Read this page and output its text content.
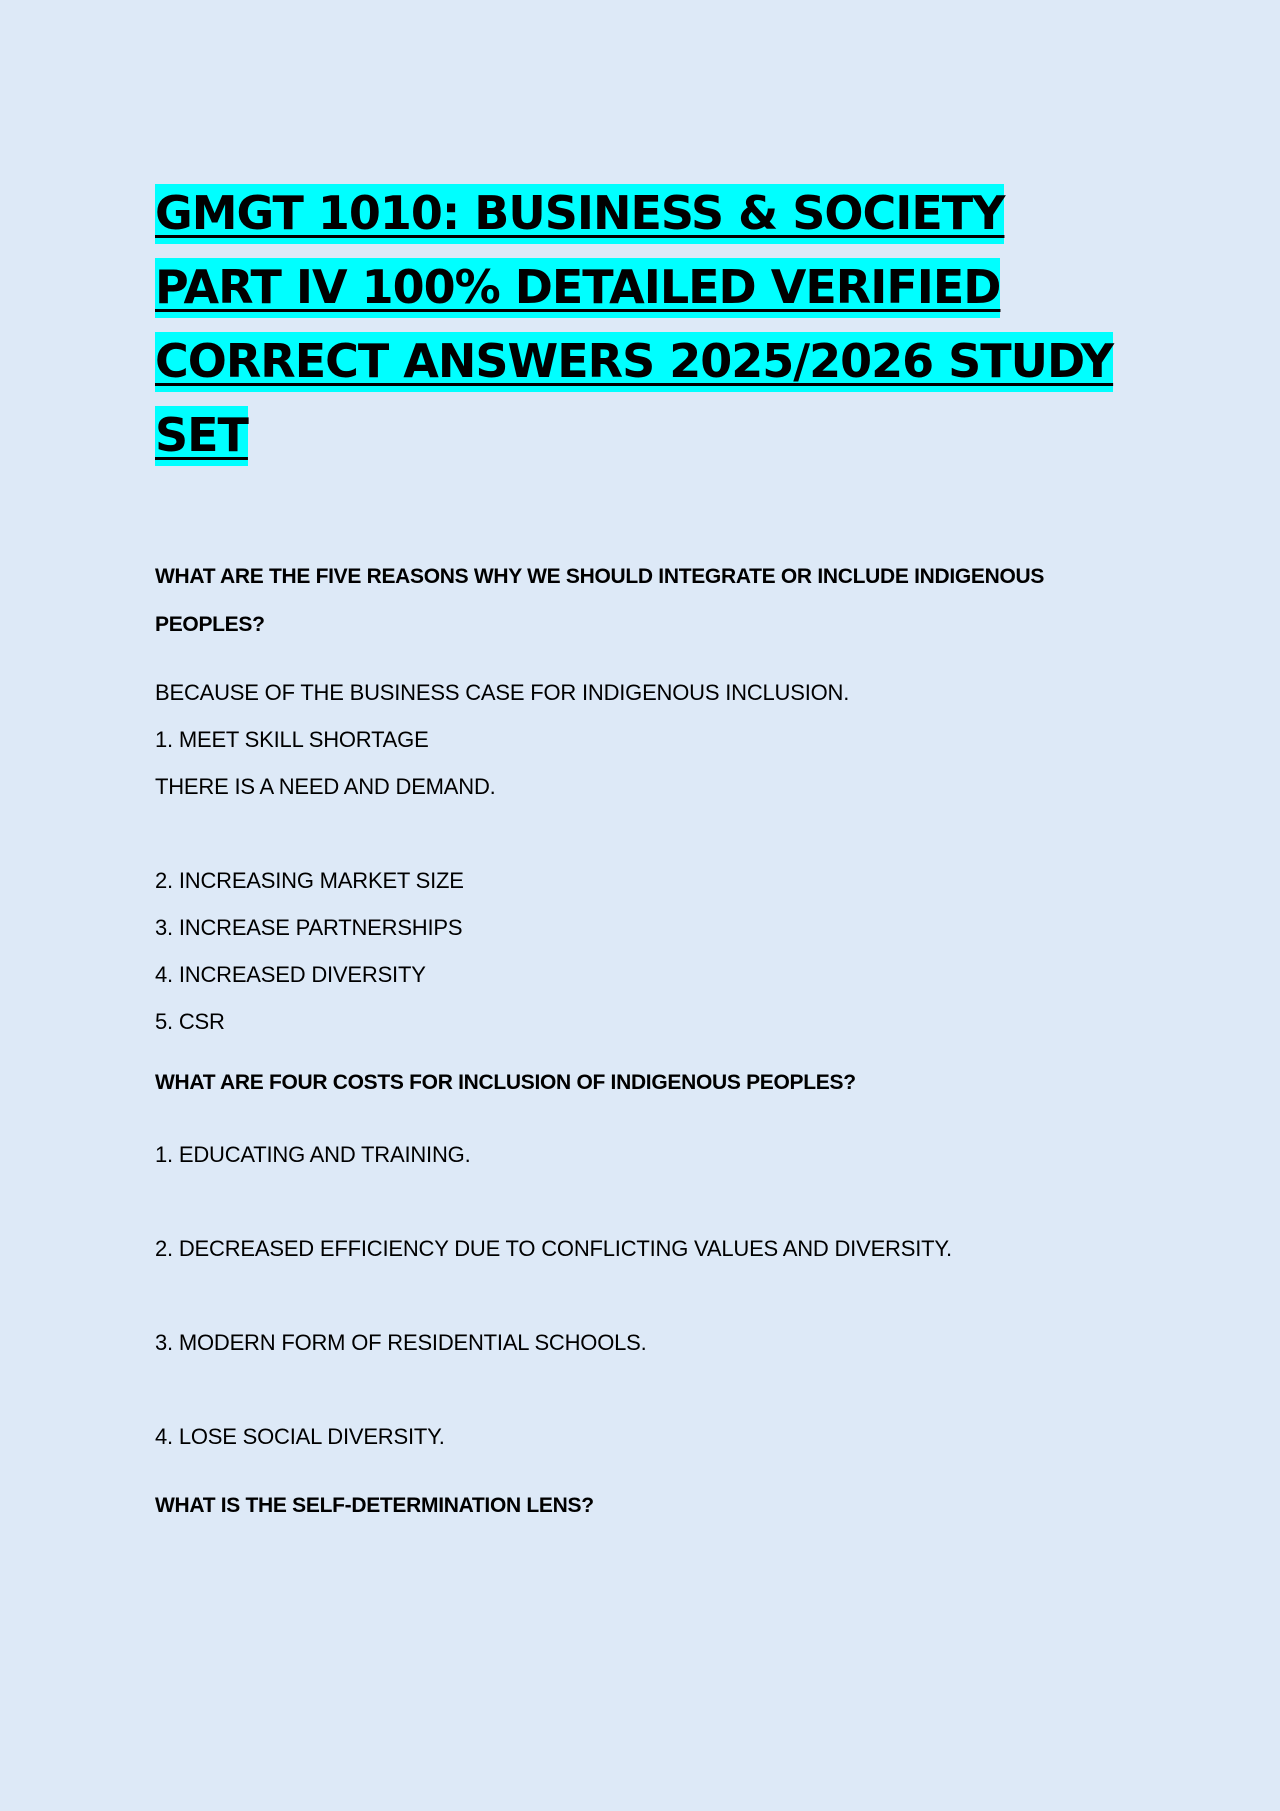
GMGT 1010: BUSINESS & SOCIETY PART IV 100% DETAILED VERIFIED CORRECT ANSWERS 2025/2026 STUDY SET

WHAT ARE THE FIVE REASONS WHY WE SHOULD INTEGRATE OR INCLUDE INDIGENOUS PEOPLES?

BECAUSE OF THE BUSINESS CASE FOR INDIGENOUS INCLUSION.

1. MEET SKILL SHORTAGE

THERE IS A NEED AND DEMAND.

2. INCREASING MARKET SIZE

3. INCREASE PARTNERSHIPS

4. INCREASED DIVERSITY

5. CSR

WHAT ARE FOUR COSTS FOR INCLUSION OF INDIGENOUS PEOPLES?

1. EDUCATING AND TRAINING.

2. DECREASED EFFICIENCY DUE TO CONFLICTING VALUES AND DIVERSITY.

3. MODERN FORM OF RESIDENTIAL SCHOOLS.

4. LOSE SOCIAL DIVERSITY.

WHAT IS THE SELF-DETERMINATION LENS?
